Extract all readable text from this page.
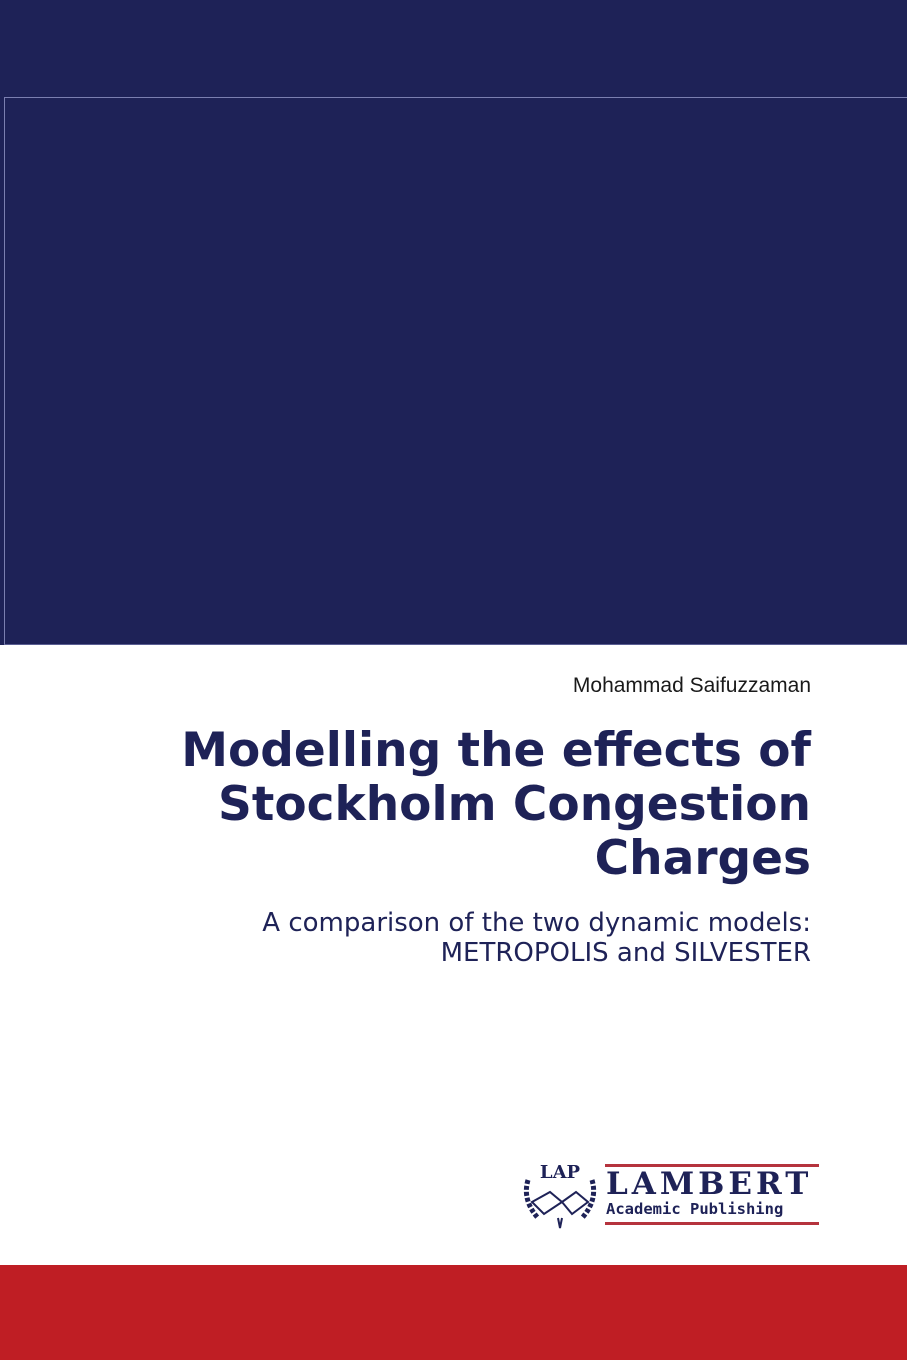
Mohammad Saifuzzaman
Modelling the effects of
Stockholm Congestion
Charges
A comparison of the two dynamic models:
METROPOLIS and SILVESTER
LAP LAMBERT
Academic Publishing
